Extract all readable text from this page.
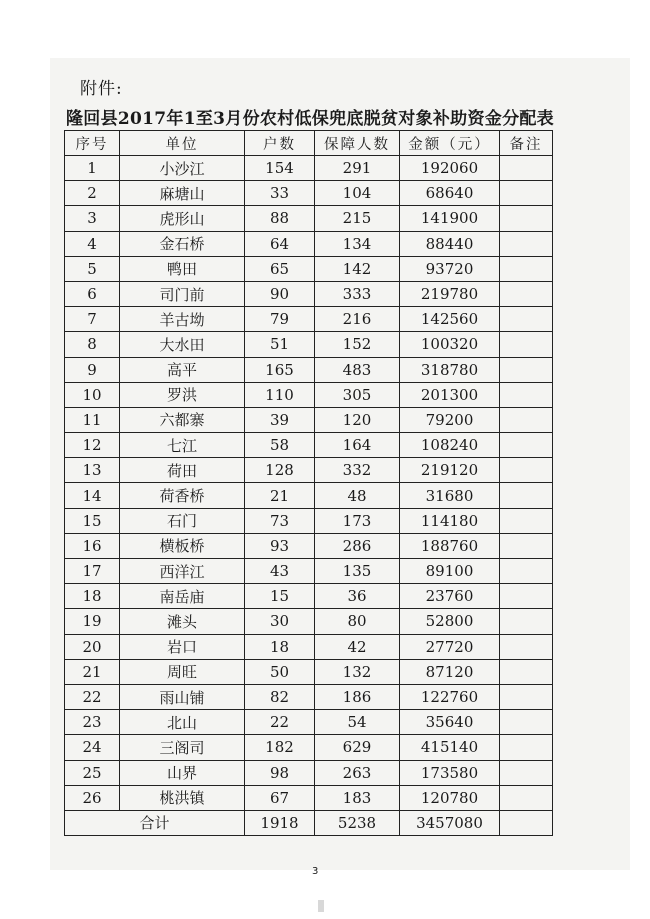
附件:
隆回县2017年1至3月份农村低保兜底脱贫对象补助资金分配表
序号	单位	户数	保障人数	金额（元）	备注
1	小沙江	154	291	192060	
2	麻塘山	33	104	68640	
3	虎形山	88	215	141900	
4	金石桥	64	134	88440	
5	鸭田	65	142	93720	
6	司门前	90	333	219780	
7	羊古坳	79	216	142560	
8	大水田	51	152	100320	
9	高平	165	483	318780	
10	罗洪	110	305	201300	
11	六都寨	39	120	79200	
12	七江	58	164	108240	
13	荷田	128	332	219120	
14	荷香桥	21	48	31680	
15	石门	73	173	114180	
16	横板桥	93	286	188760	
17	西洋江	43	135	89100	
18	南岳庙	15	36	23760	
19	滩头	30	80	52800	
20	岩口	18	42	27720	
21	周旺	50	132	87120	
22	雨山铺	82	186	122760	
23	北山	22	54	35640	
24	三阁司	182	629	415140	
25	山界	98	263	173580	
26	桃洪镇	67	183	120780	
合计		1918	5238	3457080	
3
